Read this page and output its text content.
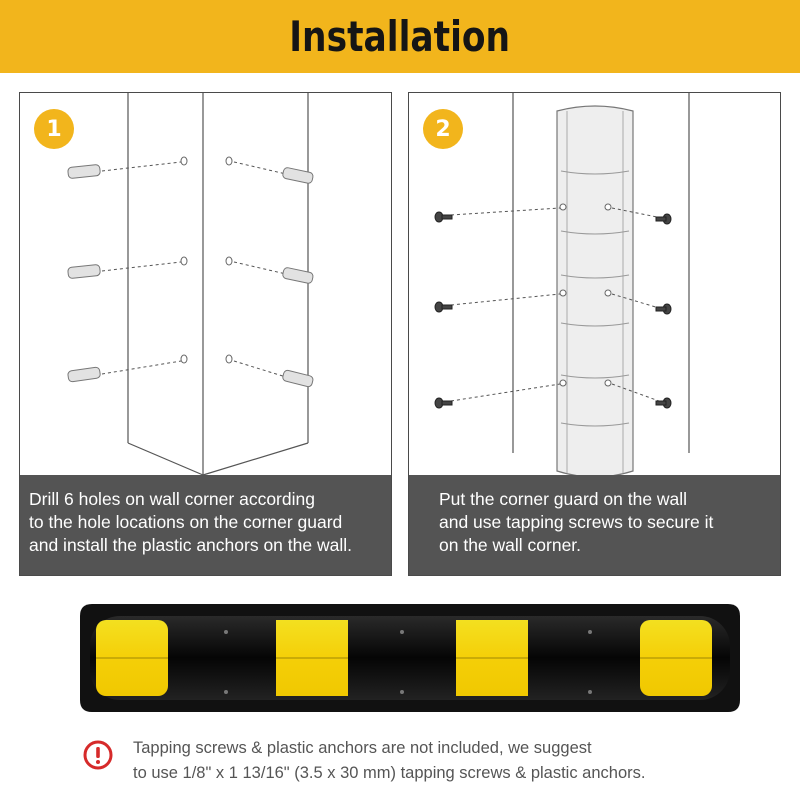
Installation
1
Drill 6 holes on wall corner according
to the hole locations on the corner guard
and install the plastic anchors on the wall.
2
Put the corner guard on the wall
and use tapping screws to secure it
on the wall corner.
Tapping screws & plastic anchors are not included, we suggest
to use 1/8" x 1 13/16" (3.5 x 30 mm) tapping screws & plastic anchors.
